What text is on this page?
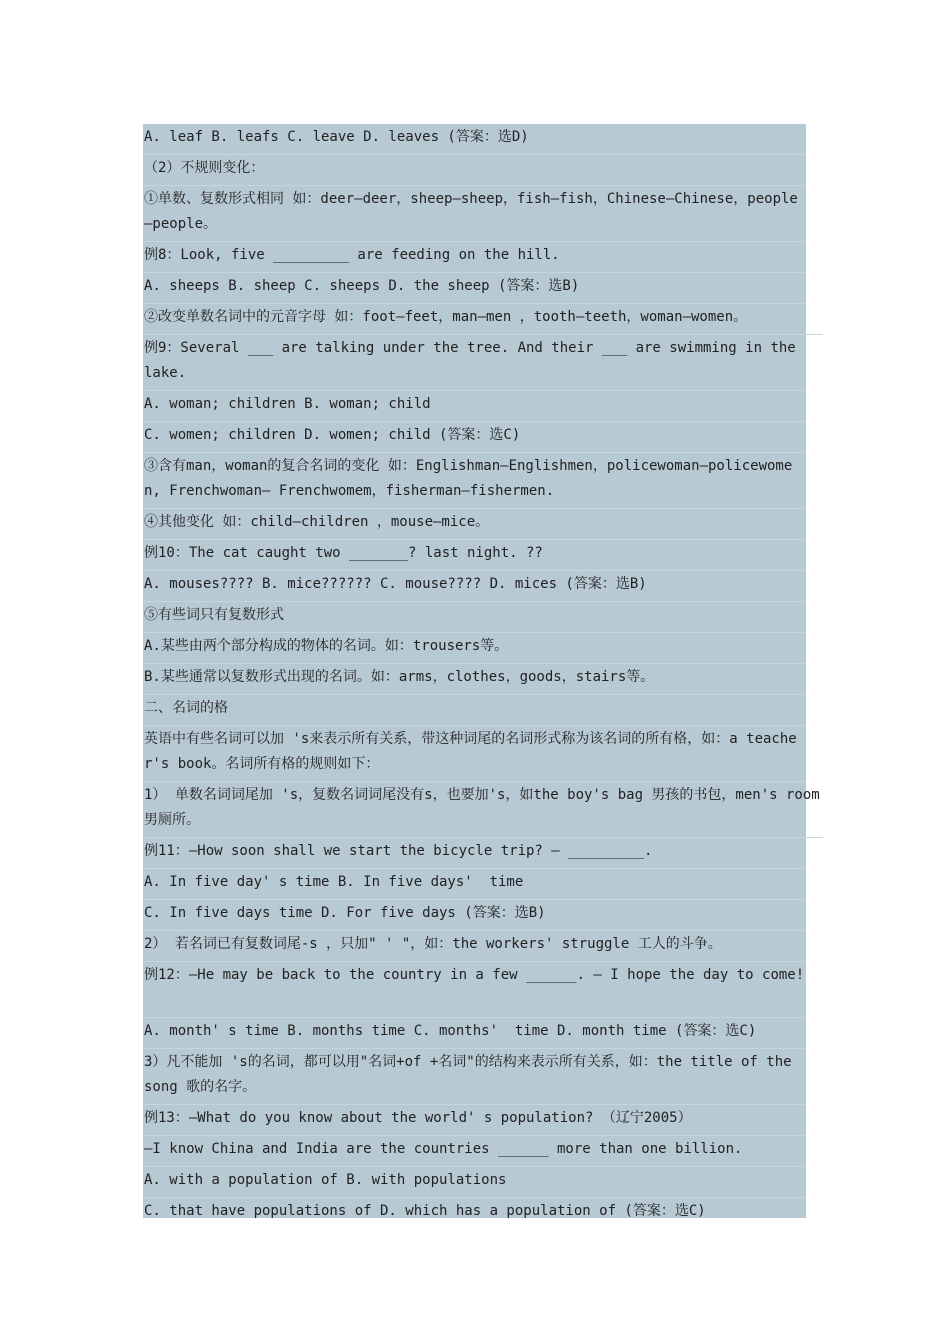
A. leaf B. leafs C. leave D. leaves (答案：选D)
（2）不规则变化：
①单数、复数形式相同 如：deer—deer，sheep—sheep，fish—fish，Chinese—Chinese，people—people。
例8：Look, five _________ are feeding on the hill.
A. sheeps B. sheep C. sheeps D. the sheep (答案：选B)
②改变单数名词中的元音字母 如：foot—feet，man—men ，tooth—teeth，woman—women。
例9：Several ___ are talking under the tree. And their ___ are swimming in the lake.
A. woman; children B. woman; child
C. women; children D. women; child (答案：选C)
③含有man，woman的复合名词的变化 如：Englishman—Englishmen，policewoman—policewomen, Frenchwoman— Frenchwomem，fisherman—fishermen.
④其他变化 如：child—children ，mouse—mice。
例10：The cat caught two _______? last night. ??
A. mouses???? B. mice?????? C. mouse???? D. mices (答案：选B)
⑤有些词只有复数形式
A.某些由两个部分构成的物体的名词。如：trousers等。
B.某些通常以复数形式出现的名词。如：arms，clothes，goods，stairs等。
二、名词的格
英语中有些名词可以加 's来表示所有关系，带这种词尾的名词形式称为该名词的所有格，如：a teacher's book。名词所有格的规则如下：
1） 单数名词词尾加 's，复数名词词尾没有s，也要加's，如the boy's bag 男孩的书包，men's room 男厕所。
例11：—How soon shall we start the bicycle trip? — _________.
A. In five day' s time B. In five days'  time
C. In five days time D. For five days (答案：选B)
2） 若名词已有复数词尾-s ，只加" ' "，如：the workers' struggle 工人的斗争。
例12：—He may be back to the country in a few ______. — I hope the day to come!
A. month' s time B. months time C. months'  time D. month time (答案：选C)
3）凡不能加 's的名词，都可以用"名词+of +名词"的结构来表示所有关系，如：the title of the song 歌的名字。
例13：—What do you know about the world' s population? （辽宁2005）
—I know China and India are the countries ______ more than one billion.
A. with a population of B. with populations
C. that have populations of D. which has a population of (答案：选C)
